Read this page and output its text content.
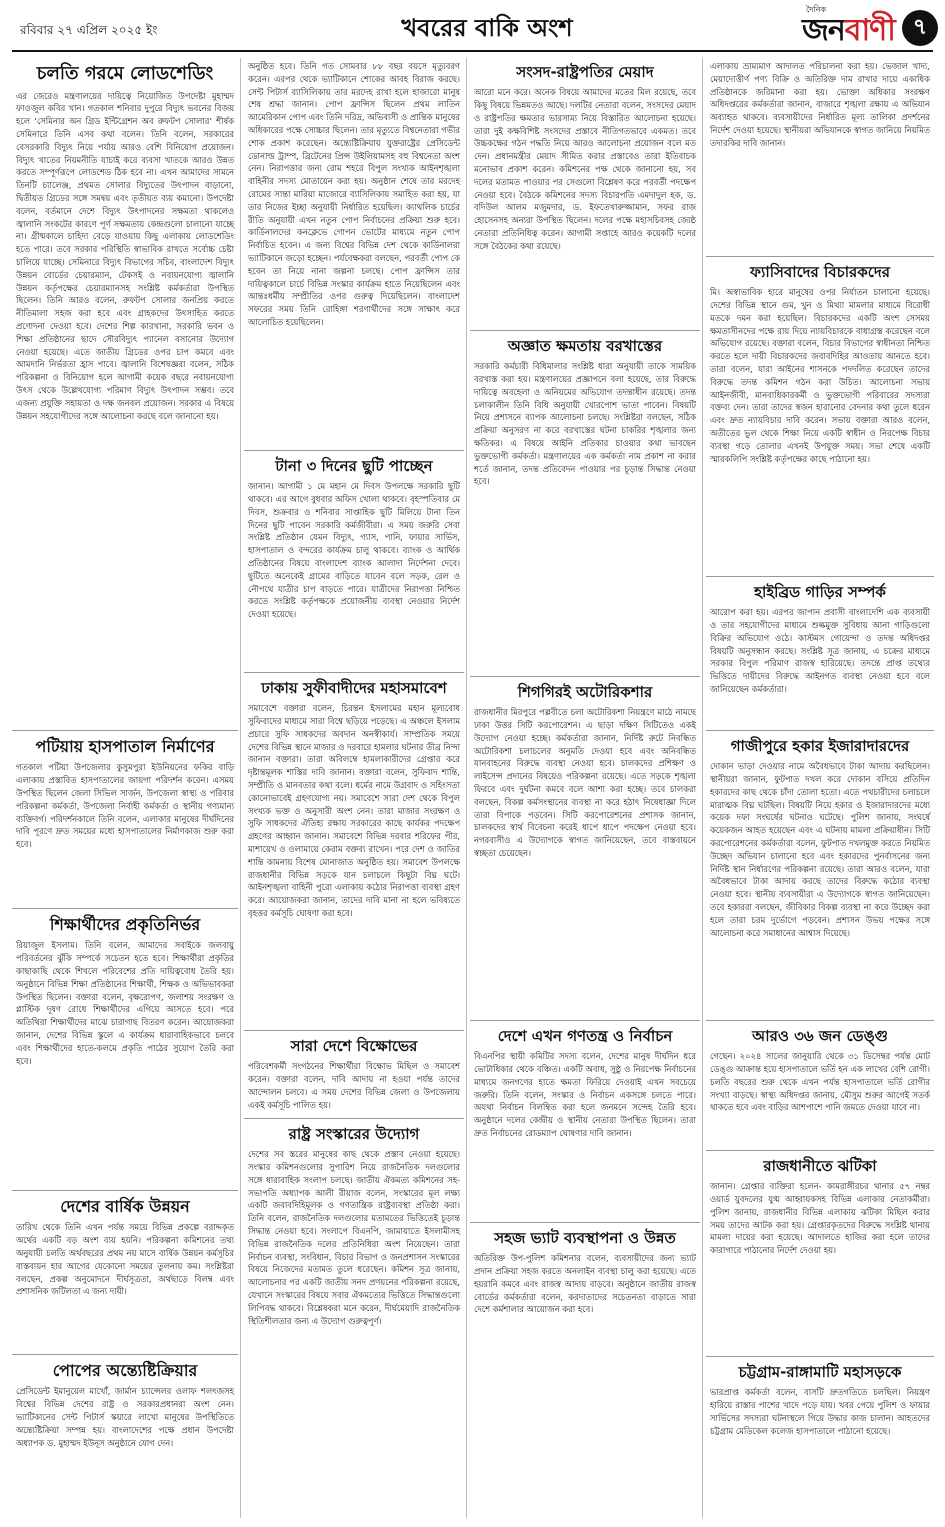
রবিবার ২৭ এপ্রিল ২০২৫ ইং	খবরের বাকি অংশ
দৈনিক
জনবাণী ৭
চলতি গরমে লোডশেডিং
এর জেরেও মন্ত্রণালয়ের দায়িত্বে নিয়োজিত উপদেষ্টা মুহাম্মদ ফাওজুল কবির খান। গতকাল শনিবার দুপুরে বিদ্যুৎ ভবনের বিজয় হলে ‘সেমিনার অন গ্রিড ইন্টিগ্রেশন অব রুফটপ সোলার’ শীর্ষক সেমিনারে তিনি এসব কথা বলেন। তিনি বলেন, সরকারের বেসরকারি বিদ্যুৎ নিয়ে পর্যায় আরও বেশি বিনিয়োগ প্রয়োজন। বিদ্যুৎ খাতের নিয়মনীতি যাচাই করে ব্যবসা খাতকে আরও উন্নত করতে সম্পূর্ণরূপে লোডশেড ঠিক হবে না। এখন আমাদের সামনে তিনটি চ্যালেঞ্জ, প্রথমত সোলার বিদ্যুতের উৎপাদন বাড়ানো, দ্বিতীয়ত গ্রিডের সঙ্গে সমন্বয় এবং তৃতীয়ত ব্যয় কমানো। উপদেষ্টা বলেন, বর্তমানে দেশে বিদ্যুৎ উৎপাদনের সক্ষমতা থাকলেও জ্বালানি সংকটের কারণে পূর্ণ সক্ষমতায় কেন্দ্রগুলো চালানো যাচ্ছে না। গ্রীষ্মকালে চাহিদা বেড়ে যাওয়ায় কিছু এলাকায় লোডশেডিং হতে পারে। তবে সরকার পরিস্থিতি স্বাভাবিক রাখতে সর্বোচ্চ চেষ্টা চালিয়ে যাচ্ছে। সেমিনারে বিদ্যুৎ বিভাগের সচিব, বাংলাদেশ বিদ্যুৎ উন্নয়ন বোর্ডের চেয়ারম্যান, টেকসই ও নবায়নযোগ্য জ্বালানি উন্নয়ন কর্তৃপক্ষের চেয়ারম্যানসহ সংশ্লিষ্ট কর্মকর্তারা উপস্থিত ছিলেন। তিনি আরও বলেন, রুফটপ সোলার জনপ্রিয় করতে নীতিমালা সহজ করা হবে এবং গ্রাহকদের উৎসাহিত করতে প্রণোদনা দেওয়া হবে। দেশের শিল্প কারখানা, সরকারি ভবন ও শিক্ষা প্রতিষ্ঠানের ছাদে সৌরবিদ্যুৎ প্যানেল বসানোর উদ্যোগ নেওয়া হয়েছে। এতে জাতীয় গ্রিডের ওপর চাপ কমবে এবং আমদানি নির্ভরতা হ্রাস পাবে। জ্বালানি বিশেষজ্ঞরা বলেন, সঠিক পরিকল্পনা ও বিনিয়োগ হলে আগামী কয়েক বছরে নবায়নযোগ্য উৎস থেকে উল্লেখযোগ্য পরিমাণ বিদ্যুৎ উৎপাদন সম্ভব। তবে এজন্য প্রযুক্তি সহায়তা ও দক্ষ জনবল প্রয়োজন। সরকার এ বিষয়ে উন্নয়ন সহযোগীদের সঙ্গে আলোচনা করছে বলে জানানো হয়।
পটিয়ায় হাসপাতাল নির্মাণের
গতকাল পটিয়া উপজেলার কুসুমপুরা ইউনিয়নের ফকির বাড়ি এলাকায় প্রস্তাবিত হাসপাতালের জায়গা পরিদর্শন করেন। এসময় উপস্থিত ছিলেন জেলা সিভিল সার্জন, উপজেলা স্বাস্থ্য ও পরিবার পরিকল্পনা কর্মকর্তা, উপজেলা নির্বাহী কর্মকর্তা ও স্থানীয় গণ্যমান্য ব্যক্তিবর্গ। পরিদর্শনকালে তিনি বলেন, এলাকার মানুষের দীর্ঘদিনের দাবি পূরণে দ্রুত সময়ের মধ্যে হাসপাতালের নির্মাণকাজ শুরু করা হবে।
শিক্ষার্থীদের প্রকৃতিনির্ভর
রিয়াজুল ইসলাম। তিনি বলেন, আমাদের সবাইকে জলবায়ু পরিবর্তনের ঝুঁকি সম্পর্কে সচেতন হতে হবে। শিক্ষার্থীরা প্রকৃতির কাছাকাছি থেকে শিখলে পরিবেশের প্রতি দায়িত্ববোধ তৈরি হয়। অনুষ্ঠানে বিভিন্ন শিক্ষা প্রতিষ্ঠানের শিক্ষার্থী, শিক্ষক ও অভিভাবকরা উপস্থিত ছিলেন। বক্তারা বলেন, বৃক্ষরোপণ, জলাশয় সংরক্ষণ ও প্লাস্টিক দূষণ রোধে শিক্ষার্থীদের এগিয়ে আসতে হবে। পরে অতিথিরা শিক্ষার্থীদের মাঝে চারাগাছ বিতরণ করেন। আয়োজকরা জানান, দেশের বিভিন্ন স্কুলে এ কার্যক্রম ধারাবাহিকভাবে চলবে এবং শিক্ষার্থীদের হাতে-কলমে প্রকৃতি পাঠের সুযোগ তৈরি করা হবে।
দেশের বার্ষিক উন্নয়ন
তারিখ থেকে তিনি এখন পর্যন্ত সময়ে বিভিন্ন প্রকল্পে বরাদ্দকৃত অর্থের একটি বড় অংশ ব্যয় হয়নি। পরিকল্পনা কমিশনের তথ্য অনুযায়ী চলতি অর্থবছরের প্রথম নয় মাসে বার্ষিক উন্নয়ন কর্মসূচির বাস্তবায়ন হার আগের যেকোনো সময়ের তুলনায় কম। সংশ্লিষ্টরা বলছেন, প্রকল্প অনুমোদনে দীর্ঘসূত্রতা, অর্থছাড়ে বিলম্ব এবং প্রশাসনিক জটিলতা এ জন্য দায়ী।
পোপের অন্ত্যেষ্টিক্রিয়ার
প্রেসিডেন্ট ইমানুয়েল মাখোঁ, জার্মান চ্যান্সেলর ওলাফ শলৎজসহ বিশ্বের বিভিন্ন দেশের রাষ্ট্র ও সরকারপ্রধানরা অংশ নেন। ভ্যাটিকানের সেন্ট পিটার্স স্কয়ারে লাখো মানুষের উপস্থিতিতে অন্ত্যেষ্টিক্রিয়া সম্পন্ন হয়। বাংলাদেশের পক্ষে প্রধান উপদেষ্টা অধ্যাপক ড. মুহাম্মদ ইউনূস অনুষ্ঠানে যোগ দেন।
অনুষ্ঠিত হবে। তিনি গত সোমবার ৮৮ বছর বয়সে মৃত্যুবরণ করেন। এরপর থেকে ভ্যাটিকানে শোকের আবহ বিরাজ করছে। সেন্ট পিটার্স ব্যাসিলিকায় তার মরদেহ রাখা হলে হাজারো মানুষ শেষ শ্রদ্ধা জানান। পোপ ফ্রান্সিস ছিলেন প্রথম লাতিন আমেরিকান পোপ এবং তিনি দরিদ্র, অভিবাসী ও প্রান্তিক মানুষের অধিকারের পক্ষে সোচ্চার ছিলেন। তার মৃত্যুতে বিশ্বনেতারা গভীর শোক প্রকাশ করেছেন। অন্ত্যেষ্টিক্রিয়ায় যুক্তরাষ্ট্রের প্রেসিডেন্ট ডোনাল্ড ট্রাম্প, ব্রিটেনের প্রিন্স উইলিয়ামসহ বহু বিশ্বনেতা অংশ নেন। নিরাপত্তার জন্য রোম শহরে বিপুল সংখ্যক আইনশৃঙ্খলা বাহিনীর সদস্য মোতায়েন করা হয়। অনুষ্ঠান শেষে তার মরদেহ রোমের সান্তা মারিয়া মাজোরে ব্যাসিলিকায় সমাহিত করা হয়, যা তার নিজের ইচ্ছা অনুযায়ী নির্ধারিত হয়েছিল। ক্যাথলিক চার্চের রীতি অনুযায়ী এখন নতুন পোপ নির্বাচনের প্রক্রিয়া শুরু হবে। কার্ডিনালদের কনক্লেভে গোপন ভোটের মাধ্যমে নতুন পোপ নির্বাচিত হবেন। এ জন্য বিশ্বের বিভিন্ন দেশ থেকে কার্ডিনালরা ভ্যাটিকানে জড়ো হচ্ছেন। পর্যবেক্ষকরা বলছেন, পরবর্তী পোপ কে হবেন তা নিয়ে নানা জল্পনা চলছে। পোপ ফ্রান্সিস তার দায়িত্বকালে চার্চে বিভিন্ন সংস্কার কার্যক্রম হাতে নিয়েছিলেন এবং আন্তঃধর্মীয় সম্প্রীতির ওপর গুরুত্ব দিয়েছিলেন। বাংলাদেশ সফরের সময় তিনি রোহিঙ্গা শরণার্থীদের সঙ্গে সাক্ষাৎ করে আলোচিত হয়েছিলেন।
টানা ৩ দিনের ছুটি পাচ্ছেন
জানান। আগামী ১ মে মহান মে দিবস উপলক্ষে সরকারি ছুটি থাকবে। এর আগে বুধবার অফিস খোলা থাকবে। বৃহস্পতিবার মে দিবস, শুক্রবার ও শনিবার সাপ্তাহিক ছুটি মিলিয়ে টানা তিন দিনের ছুটি পাবেন সরকারি কর্মজীবীরা। এ সময় জরুরি সেবা সংশ্লিষ্ট প্রতিষ্ঠান যেমন বিদ্যুৎ, গ্যাস, পানি, ফায়ার সার্ভিস, হাসপাতাল ও বন্দরের কার্যক্রম চালু থাকবে। ব্যাংক ও আর্থিক প্রতিষ্ঠানের বিষয়ে বাংলাদেশ ব্যাংক আলাদা নির্দেশনা দেবে। ছুটিতে অনেকেই গ্রামের বাড়িতে যাবেন বলে সড়ক, রেল ও নৌপথে যাত্রীর চাপ বাড়তে পারে। যাত্রীদের নিরাপত্তা নিশ্চিত করতে সংশ্লিষ্ট কর্তৃপক্ষকে প্রয়োজনীয় ব্যবস্থা নেওয়ার নির্দেশ দেওয়া হয়েছে।
ঢাকায় সুফীবাদীদের মহাসমাবেশ
সমাবেশে বক্তারা বলেন, চিরন্তন ইসলামের মহান মূল্যবোধ সুফিবাদের মাধ্যমে সারা বিশ্বে ছড়িয়ে পড়েছে। এ অঞ্চলে ইসলাম প্রচারে সুফি সাধকদের অবদান অনস্বীকার্য। সাম্প্রতিক সময়ে দেশের বিভিন্ন স্থানে মাজার ও দরবারে হামলার ঘটনার তীব্র নিন্দা জানান বক্তারা। তারা অবিলম্বে হামলাকারীদের গ্রেপ্তার করে দৃষ্টান্তমূলক শাস্তির দাবি জানান। বক্তারা বলেন, সুফিবাদ শান্তি, সম্প্রীতি ও মানবতার কথা বলে। ধর্মের নামে উগ্রবাদ ও সহিংসতা কোনোভাবেই গ্রহণযোগ্য নয়। সমাবেশে সারা দেশ থেকে বিপুল সংখ্যক ভক্ত ও অনুসারী অংশ নেন। তারা মাজার সংরক্ষণ ও সুফি সাধকদের ঐতিহ্য রক্ষায় সরকারের কাছে কার্যকর পদক্ষেপ গ্রহণের আহ্বান জানান। সমাবেশে বিভিন্ন দরবার শরিফের পীর, মাশায়েখ ও ওলামায়ে কেরাম বক্তব্য রাখেন। পরে দেশ ও জাতির শান্তি কামনায় বিশেষ মোনাজাত অনুষ্ঠিত হয়। সমাবেশ উপলক্ষে রাজধানীর বিভিন্ন সড়কে যান চলাচলে কিছুটা বিঘ্ন ঘটে। আইনশৃঙ্খলা বাহিনী পুরো এলাকায় কঠোর নিরাপত্তা ব্যবস্থা গ্রহণ করে। আয়োজকরা জানান, তাদের দাবি মানা না হলে ভবিষ্যতে বৃহত্তর কর্মসূচি ঘোষণা করা হবে।
সারা দেশে বিক্ষোভের
পরিবেশকর্মী সংগঠনের শিক্ষার্থীরা বিক্ষোভ মিছিল ও সমাবেশ করেন। বক্তারা বলেন, দাবি আদায় না হওয়া পর্যন্ত তাদের আন্দোলন চলবে। এ সময় দেশের বিভিন্ন জেলা ও উপজেলায় একই কর্মসূচি পালিত হয়।
রাষ্ট্র সংস্কারের উদ্যোগ
দেশের সব স্তরের মানুষের কাছ থেকে প্রস্তাব নেওয়া হয়েছে। সংস্কার কমিশনগুলোর সুপারিশ নিয়ে রাজনৈতিক দলগুলোর সঙ্গে ধারাবাহিক সংলাপ চলছে। জাতীয় ঐকমত্য কমিশনের সহ-সভাপতি অধ্যাপক আলী রীয়াজ বলেন, সংস্কারের মূল লক্ষ্য একটি জবাবদিহিমূলক ও গণতান্ত্রিক রাষ্ট্রব্যবস্থা প্রতিষ্ঠা করা। তিনি বলেন, রাজনৈতিক দলগুলোর মতামতের ভিত্তিতেই চূড়ান্ত সিদ্ধান্ত নেওয়া হবে। সংলাপে বিএনপি, জামায়াতে ইসলামীসহ বিভিন্ন রাজনৈতিক দলের প্রতিনিধিরা অংশ নিয়েছেন। তারা নির্বাচন ব্যবস্থা, সংবিধান, বিচার বিভাগ ও জনপ্রশাসন সংস্কারের বিষয়ে নিজেদের মতামত তুলে ধরেছেন। কমিশন সূত্র জানায়, আলোচনার পর একটি জাতীয় সনদ প্রণয়নের পরিকল্পনা রয়েছে, যেখানে সংস্কারের বিষয়ে সবার ঐকমত্যের ভিত্তিতে সিদ্ধান্তগুলো লিপিবদ্ধ থাকবে। বিশ্লেষকরা মনে করেন, দীর্ঘমেয়াদি রাজনৈতিক স্থিতিশীলতার জন্য এ উদ্যোগ গুরুত্বপূর্ণ।
সংসদ-রাষ্ট্রপতির মেয়াদ
আরো মনে করে। অনেক বিষয়ে আমাদের মতের মিল রয়েছে, তবে কিছু বিষয়ে ভিন্নমতও আছে। দলটির নেতারা বলেন, সংসদের মেয়াদ ও রাষ্ট্রপতির ক্ষমতার ভারসাম্য নিয়ে বিস্তারিত আলোচনা হয়েছে। তারা দুই কক্ষবিশিষ্ট সংসদের প্রস্তাবে নীতিগতভাবে একমত। তবে উচ্চকক্ষের গঠন পদ্ধতি নিয়ে আরও আলোচনা প্রয়োজন বলে মত দেন। প্রধানমন্ত্রীর মেয়াদ সীমিত করার প্রস্তাবেও তারা ইতিবাচক মনোভাব প্রকাশ করেন। কমিশনের পক্ষ থেকে জানানো হয়, সব দলের মতামত পাওয়ার পর সেগুলো বিশ্লেষণ করে পরবর্তী পদক্ষেপ নেওয়া হবে। বৈঠকে কমিশনের সদস্য বিচারপতি এমদাদুল হক, ড. বদিউল আলম মজুমদার, ড. ইফতেখারুজ্জামান, সফর রাজ হোসেনসহ অন্যরা উপস্থিত ছিলেন। দলের পক্ষে মহাসচিবসহ জ্যেষ্ঠ নেতারা প্রতিনিধিত্ব করেন। আগামী সপ্তাহে আরও কয়েকটি দলের সঙ্গে বৈঠকের কথা রয়েছে।
অজ্ঞাত ক্ষমতায় বরখাস্তের
সরকারি কর্মচারী বিধিমালার সংশ্লিষ্ট ধারা অনুযায়ী তাকে সাময়িক বরখাস্ত করা হয়। মন্ত্রণালয়ের প্রজ্ঞাপনে বলা হয়েছে, তার বিরুদ্ধে দায়িত্বে অবহেলা ও অনিয়মের অভিযোগ তদন্তাধীন রয়েছে। তদন্ত চলাকালীন তিনি বিধি অনুযায়ী খোরপোশ ভাতা পাবেন। বিষয়টি নিয়ে প্রশাসনে ব্যাপক আলোচনা চলছে। সংশ্লিষ্টরা বলছেন, সঠিক প্রক্রিয়া অনুসরণ না করে বরখাস্তের ঘটনা চাকরির শৃঙ্খলার জন্য ক্ষতিকর। এ বিষয়ে আইনি প্রতিকার চাওয়ার কথা ভাবছেন ভুক্তভোগী কর্মকর্তা। মন্ত্রণালয়ের এক কর্মকর্তা নাম প্রকাশ না করার শর্তে জানান, তদন্ত প্রতিবেদন পাওয়ার পর চূড়ান্ত সিদ্ধান্ত নেওয়া হবে।
শিগগিরই অটোরিকশার
রাজধানীর মিরপুরে পল্লবীতে চলা অটোরিকশা নিয়ন্ত্রণে মাঠে নামছে ঢাকা উত্তর সিটি করপোরেশন। এ ছাড়া দক্ষিণ সিটিতেও একই উদ্যোগ নেওয়া হচ্ছে। কর্মকর্তারা জানান, নির্দিষ্ট রুটে নিবন্ধিত অটোরিকশা চলাচলের অনুমতি দেওয়া হবে এবং অনিবন্ধিত যানবাহনের বিরুদ্ধে ব্যবস্থা নেওয়া হবে। চালকদের প্রশিক্ষণ ও লাইসেন্স প্রদানের বিষয়েও পরিকল্পনা রয়েছে। এতে সড়কে শৃঙ্খলা ফিরবে এবং দুর্ঘটনা কমবে বলে আশা করা হচ্ছে। তবে চালকরা বলছেন, বিকল্প কর্মসংস্থানের ব্যবস্থা না করে হঠাৎ নিষেধাজ্ঞা দিলে তারা বিপাকে পড়বেন। সিটি করপোরেশনের প্রশাসক জানান, চালকদের স্বার্থ বিবেচনা করেই ধাপে ধাপে পদক্ষেপ নেওয়া হবে। নগরবাসীও এ উদ্যোগকে স্বাগত জানিয়েছেন, তবে বাস্তবায়নে স্বচ্ছতা চেয়েছেন।
দেশে এখন গণতন্ত্র ও নির্বাচন
বিএনপির স্থায়ী কমিটির সদস্য বলেন, দেশের মানুষ দীর্ঘদিন ধরে ভোটাধিকার থেকে বঞ্চিত। একটি অবাধ, সুষ্ঠু ও নিরপেক্ষ নির্বাচনের মাধ্যমে জনগণের হাতে ক্ষমতা ফিরিয়ে দেওয়াই এখন সবচেয়ে জরুরি। তিনি বলেন, সংস্কার ও নির্বাচন একসঙ্গে চলতে পারে। অযথা নির্বাচন বিলম্বিত করা হলে জনমনে সন্দেহ তৈরি হবে। অনুষ্ঠানে দলের কেন্দ্রীয় ও স্থানীয় নেতারা উপস্থিত ছিলেন। তারা দ্রুত নির্বাচনের রোডম্যাপ ঘোষণার দাবি জানান।
সহজ ভ্যাট ব্যবস্থাপনা ও উন্নত
অতিরিক্ত উপ-পুলিশ কমিশনার বলেন, ব্যবসায়ীদের জন্য ভ্যাট প্রদান প্রক্রিয়া সহজ করতে অনলাইন ব্যবস্থা চালু করা হয়েছে। এতে হয়রানি কমবে এবং রাজস্ব আদায় বাড়বে। অনুষ্ঠানে জাতীয় রাজস্ব বোর্ডের কর্মকর্তারা বলেন, করদাতাদের সচেতনতা বাড়াতে সারা দেশে কর্মশালার আয়োজন করা হবে।
এলাকায় ভ্রাম্যমাণ আদালত পরিচালনা করা হয়। ভেজাল খাদ্য, মেয়াদোত্তীর্ণ পণ্য বিক্রি ও অতিরিক্ত দাম রাখার দায়ে একাধিক প্রতিষ্ঠানকে জরিমানা করা হয়। ভোক্তা অধিকার সংরক্ষণ অধিদপ্তরের কর্মকর্তারা জানান, বাজারে শৃঙ্খলা রক্ষায় এ অভিযান অব্যাহত থাকবে। ব্যবসায়ীদের নির্ধারিত মূল্য তালিকা প্রদর্শনের নির্দেশ দেওয়া হয়েছে। স্থানীয়রা অভিযানকে স্বাগত জানিয়ে নিয়মিত তদারকির দাবি জানান।
ফ্যাসিবাদের বিচারকদের
মি। অস্বাভাবিক হারে মানুষের ওপর নির্যাতন চালানো হয়েছে। দেশের বিভিন্ন স্থানে গুম, খুন ও মিথ্যা মামলার মাধ্যমে বিরোধী মতকে দমন করা হয়েছিল। বিচারকদের একটি অংশ সেসময় ক্ষমতাসীনদের পক্ষে রায় দিয়ে ন্যায়বিচারকে বাধাগ্রস্ত করেছেন বলে অভিযোগ রয়েছে। বক্তারা বলেন, বিচার বিভাগের স্বাধীনতা নিশ্চিত করতে হলে দায়ী বিচারকদের জবাবদিহির আওতায় আনতে হবে। তারা বলেন, যারা আইনের শাসনকে পদদলিত করেছেন তাদের বিরুদ্ধে তদন্ত কমিশন গঠন করা উচিত। আলোচনা সভায় আইনজীবী, মানবাধিকারকর্মী ও ভুক্তভোগী পরিবারের সদস্যরা বক্তব্য দেন। তারা তাদের স্বজন হারানোর বেদনার কথা তুলে ধরেন এবং দ্রুত ন্যায়বিচার দাবি করেন। সভায় বক্তারা আরও বলেন, অতীতের ভুল থেকে শিক্ষা নিয়ে একটি স্বাধীন ও নিরপেক্ষ বিচার ব্যবস্থা গড়ে তোলার এখনই উপযুক্ত সময়। সভা শেষে একটি স্মারকলিপি সংশ্লিষ্ট কর্তৃপক্ষের কাছে পাঠানো হয়।
হাইব্রিড গাড়ির সম্পর্ক
আরোপ করা হয়। এরপর জাপান প্রবাসী বাংলাদেশি এক ব্যবসায়ী ও তার সহযোগীদের মাধ্যমে শুল্কমুক্ত সুবিধায় আনা গাড়িগুলো বিক্রির অভিযোগ ওঠে। কাস্টমস গোয়েন্দা ও তদন্ত অধিদপ্তর বিষয়টি অনুসন্ধান করছে। সংশ্লিষ্ট সূত্র জানায়, এ চক্রের মাধ্যমে সরকার বিপুল পরিমাণ রাজস্ব হারিয়েছে। তদন্তে প্রাপ্ত তথ্যের ভিত্তিতে দায়ীদের বিরুদ্ধে আইনগত ব্যবস্থা নেওয়া হবে বলে জানিয়েছেন কর্মকর্তারা।
গাজীপুরে হকার ইজারাদারদের
দোকান ভাড়া দেওয়ার নামে অবৈধভাবে টাকা আদায় করছিলেন। স্থানীয়রা জানান, ফুটপাত দখল করে দোকান বসিয়ে প্রতিদিন হকারদের কাছ থেকে চাঁদা তোলা হতো। এতে পথচারীদের চলাচলে মারাত্মক বিঘ্ন ঘটছিল। বিষয়টি নিয়ে হকার ও ইজারাদারদের মধ্যে কয়েক দফা সংঘর্ষের ঘটনাও ঘটেছে। পুলিশ জানায়, সংঘর্ষে কয়েকজন আহত হয়েছেন এবং এ ঘটনায় মামলা প্রক্রিয়াধীন। সিটি করপোরেশনের কর্মকর্তারা বলেন, ফুটপাত দখলমুক্ত করতে নিয়মিত উচ্ছেদ অভিযান চালানো হবে এবং হকারদের পুনর্বাসনের জন্য নির্দিষ্ট স্থান নির্ধারণের পরিকল্পনা রয়েছে। তারা আরও বলেন, যারা অবৈধভাবে টাকা আদায় করছে তাদের বিরুদ্ধে কঠোর ব্যবস্থা নেওয়া হবে। স্থানীয় ব্যবসায়ীরা এ উদ্যোগকে স্বাগত জানিয়েছেন। তবে হকাররা বলছেন, জীবিকার বিকল্প ব্যবস্থা না করে উচ্ছেদ করা হলে তারা চরম দুর্ভোগে পড়বেন। প্রশাসন উভয় পক্ষের সঙ্গে আলোচনা করে সমাধানের আশ্বাস দিয়েছে।
আরও ৩৬ জন ডেঙ্গু
গেছেন। ২০২৪ সালের জানুয়ারি থেকে ৩১ ডিসেম্বর পর্যন্ত মোট ডেঙ্গু আক্রান্ত হয়ে হাসপাতালে ভর্তি হন এক লাখের বেশি রোগী। চলতি বছরের শুরু থেকে এখন পর্যন্ত হাসপাতালে ভর্তি রোগীর সংখ্যা বাড়ছে। স্বাস্থ্য অধিদপ্তর জানায়, মৌসুম শুরুর আগেই সতর্ক থাকতে হবে এবং বাড়ির আশপাশে পানি জমতে দেওয়া যাবে না।
রাজধানীতে ঝটিকা
জানান। গ্রেপ্তার ব্যক্তিরা হলেন- কামরাঙ্গীরচর থানার ৫৭ নম্বর ওয়ার্ড যুবদলের যুগ্ম আহ্বায়কসহ বিভিন্ন এলাকার নেতাকর্মীরা। পুলিশ জানায়, রাজধানীর বিভিন্ন এলাকায় ঝটিকা মিছিল করার সময় তাদের আটক করা হয়। গ্রেপ্তারকৃতদের বিরুদ্ধে সংশ্লিষ্ট থানায় মামলা দায়ের করা হয়েছে। আদালতে হাজির করা হলে তাদের কারাগারে পাঠানোর নির্দেশ দেওয়া হয়।
চট্টগ্রাম-রাঙ্গামাটি মহাসড়কে
ভারপ্রাপ্ত কর্মকর্তা বলেন, বাসটি দ্রুতগতিতে চলছিল। নিয়ন্ত্রণ হারিয়ে রাস্তার পাশের খাদে পড়ে যায়। খবর পেয়ে পুলিশ ও ফায়ার সার্ভিসের সদস্যরা ঘটনাস্থলে গিয়ে উদ্ধার কাজ চালান। আহতদের চট্টগ্রাম মেডিকেল কলেজ হাসপাতালে পাঠানো হয়েছে।
